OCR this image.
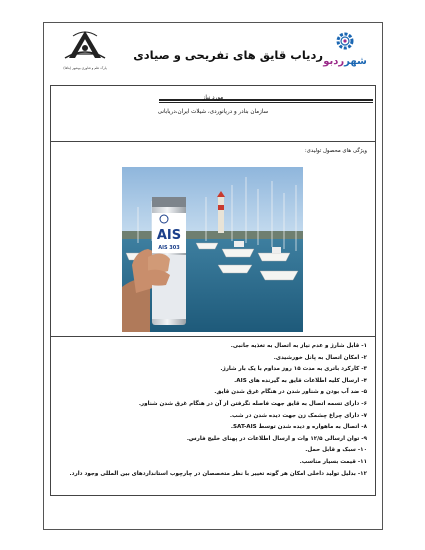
پارک علم و فناوری بوشهر (بتافا)
ردیاب قایق های تفریحی و صیادی	شهرردبو
مورد نیاز
سازمان بنادر و دریانوردی، شیلات ایران،دریابانی
ویژگی های محصول تولیدی:
AIS
AIS 303
۱- قابل شارژ و عدم نیاز به اتصال به تغذیه جانبی.
۲- امکان اتصال به پانل خورشیدی.
۳- کارکرد باتری به مدت ۱۵ روز مداوم با یک بار شارژ.
۴- ارسال کلیه اطلاعات قایق به گیرنده های AIS.
۵- ضد آب بودن و شناور شدن در هنگام غرق شدن قایق.
۶- دارای تسمه اتصال به قایق جهت فاصله نگرفتن از آن در هنگام غرق شدن شناور.
۷- دارای چراغ چشمک زن جهت دیده شدن در شب.
۸- اتصال به ماهواره و دیده شدن توسط SAT-AIS.
۹- توان ارسالی ۱۲/۵ وات و ارسال اطلاعات در پهنای خلیج فارس.
۱۰- سبک و قابل حمل.
۱۱- قیمت بسیار مناسب.
۱۲- بدلیل تولید داخلی امکان هر گونه تغییر با نظر متخصصان در چارچوب استانداردهای بین المللی وجود دارد.
